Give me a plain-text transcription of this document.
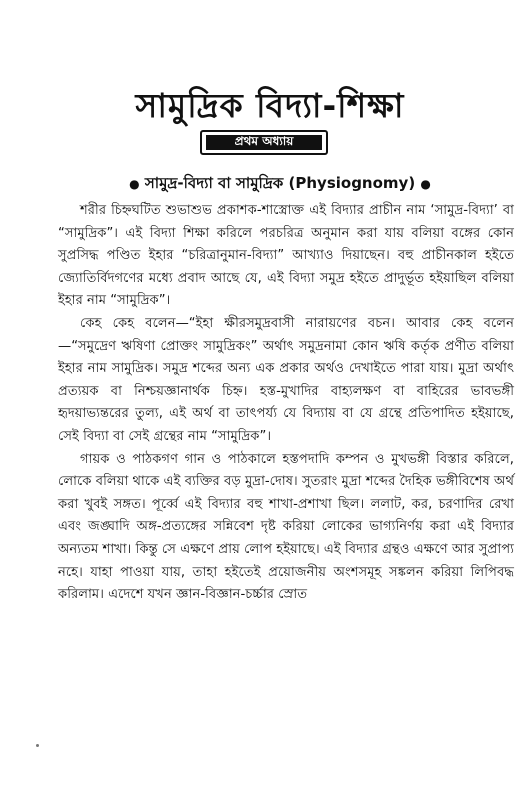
সামুদ্রিক বিদ্যা-শিক্ষা
প্রথম অধ্যায়
● সামুদ্র-বিদ্যা বা সামুদ্রিক (Physiognomy) ●

শরীর চিহ্নঘটিত শুভাশুভ প্রকাশক-শাস্ত্রোক্ত এই বিদ্যার প্রাচীন নাম ‘সামুদ্র-বিদ্যা’ বা “সামুদ্রিক”। এই বিদ্যা শিক্ষা করিলে পরচরিত্র অনুমান করা যায় বলিয়া বঙ্গের কোন সুপ্রসিদ্ধ পণ্ডিত ইহার “চরিত্রানুমান-বিদ্যা” আখ্যাও দিয়াছেন। বহু প্রাচীনকাল হইতে জ্যোতির্বিদগণের মধ্যে প্রবাদ আছে যে, এই বিদ্যা সমুদ্র হইতে প্রাদুর্ভূত হইয়াছিল বলিয়া ইহার নাম “সামুদ্রিক”।

কেহ কেহ বলেন—“ইহা ক্ষীরসমুদ্রবাসী নারায়ণের বচন। আবার কেহ বলেন—“সমুদ্রেণ ঋষিণা প্রোক্তং সামুদ্রিকং” অর্থাৎ সমুদ্রনামা কোন ঋষি কর্তৃক প্রণীত বলিয়া ইহার নাম সামুদ্রিক। সমুদ্র শব্দের অন্য এক প্রকার অর্থও দেখাইতে পারা যায়। মুদ্রা অর্থাৎ প্রত্যয়ক বা নিশ্চয়জ্ঞানার্থক চিহ্ন। হস্ত-মুখাদির বাহ্যলক্ষণ বা বাহিরের ভাবভঙ্গী হৃদয়াভ্যন্তরের তুল্য, এই অর্থ বা তাৎপর্য্য যে বিদ্যায় বা যে গ্রন্থে প্রতিপাদিত হইয়াছে, সেই বিদ্যা বা সেই গ্রন্থের নাম “সামুদ্রিক”।

গায়ক ও পাঠকগণ গান ও পাঠকালে হস্তপদাদি কম্পন ও মুখভঙ্গী বিস্তার করিলে, লোকে বলিয়া থাকে এই ব্যক্তির বড় মুদ্রা-দোষ। সুতরাং মুদ্রা শব্দের দৈহিক ভঙ্গীবিশেষ অর্থ করা খুবই সঙ্গত। পূর্ব্বে এই বিদ্যার বহু শাখা-প্রশাখা ছিল। ললাট, কর, চরণাদির রেখা এবং জঙ্ঘাদি অঙ্গ-প্রত্যঙ্গের সন্নিবেশ দৃষ্ট করিয়া লোকের ভাগ্যনির্ণয় করা এই বিদ্যার অন্যতম শাখা। কিন্তু সে এক্ষণে প্রায় লোপ হইয়াছে। এই বিদ্যার গ্রন্থও এক্ষণে আর সুপ্রাপ্য নহে। যাহা পাওয়া যায়, তাহা হইতেই প্রয়োজনীয় অংশসমূহ সঙ্কলন করিয়া লিপিবদ্ধ করিলাম। এদেশে যখন জ্ঞান-বিজ্ঞান-চর্চ্চার স্রোত
